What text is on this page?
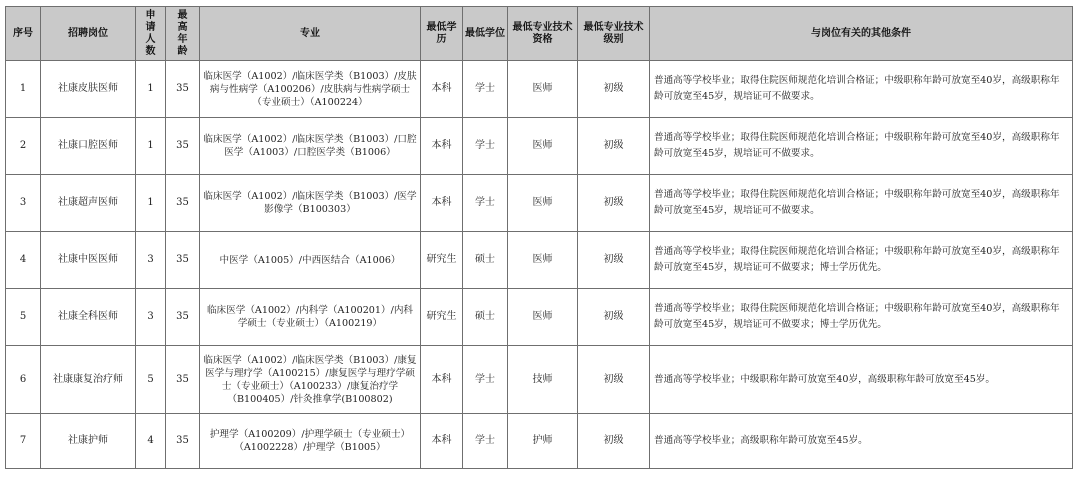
序号	招聘岗位	申请人数	最高年龄	专业	最低学历	最低学位	最低专业技术资格	最低专业技术级别	与岗位有关的其他条件
1	社康皮肤医师	1	35	临床医学（A1002）/临床医学类（B1003）/皮肤病与性病学（A100206）/皮肤病与性病学硕士（专业硕士）（A100224）	本科	学士	医师	初级	普通高等学校毕业；取得住院医师规范化培训合格证；中级职称年龄可放宽至40岁，高级职称年龄可放宽至45岁，规培证可不做要求。
2	社康口腔医师	1	35	临床医学（A1002）/临床医学类（B1003）/口腔医学（A1003）/口腔医学类（B1006）	本科	学士	医师	初级	普通高等学校毕业；取得住院医师规范化培训合格证；中级职称年龄可放宽至40岁，高级职称年龄可放宽至45岁，规培证可不做要求。
3	社康超声医师	1	35	临床医学（A1002）/临床医学类（B1003）/医学影像学（B100303）	本科	学士	医师	初级	普通高等学校毕业；取得住院医师规范化培训合格证；中级职称年龄可放宽至40岁，高级职称年龄可放宽至45岁，规培证可不做要求。
4	社康中医医师	3	35	中医学（A1005）/中西医结合（A1006）	研究生	硕士	医师	初级	普通高等学校毕业；取得住院医师规范化培训合格证；中级职称年龄可放宽至40岁，高级职称年龄可放宽至45岁，规培证可不做要求；博士学历优先。
5	社康全科医师	3	35	临床医学（A1002）/内科学（A100201）/内科学硕士（专业硕士）（A100219）	研究生	硕士	医师	初级	普通高等学校毕业；取得住院医师规范化培训合格证；中级职称年龄可放宽至40岁，高级职称年龄可放宽至45岁，规培证可不做要求；博士学历优先。
6	社康康复治疗师	5	35	临床医学（A1002）/临床医学类（B1003）/康复医学与理疗学（A100215）/康复医学与理疗学硕士（专业硕士）（A100233）/康复治疗学（B100405）/针灸推拿学(B100802)	本科	学士	技师	初级	普通高等学校毕业；中级职称年龄可放宽至40岁，高级职称年龄可放宽至45岁。
7	社康护师	4	35	护理学（A100209）/护理学硕士（专业硕士）（A1002228）/护理学（B1005）	本科	学士	护师	初级	普通高等学校毕业；高级职称年龄可放宽至45岁。
